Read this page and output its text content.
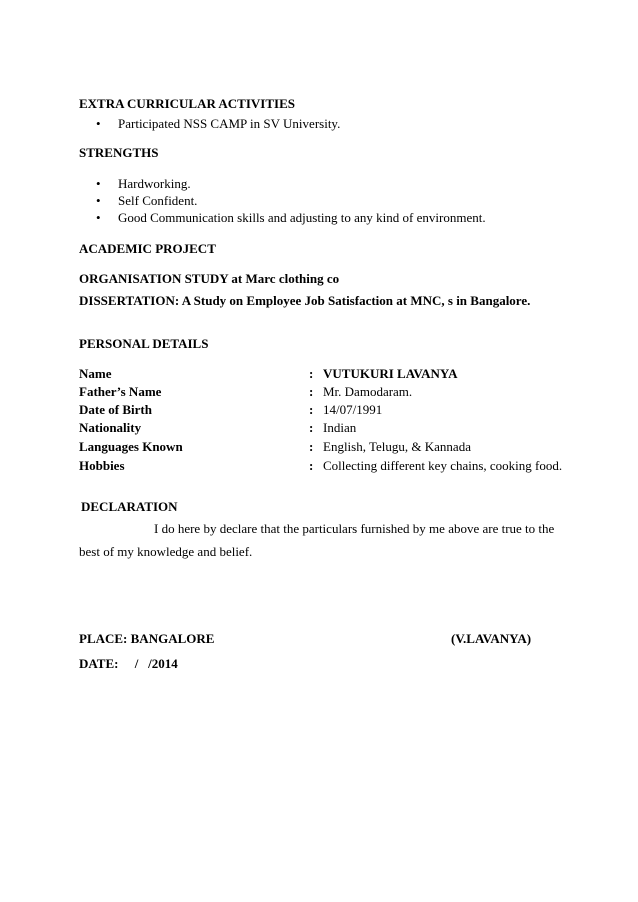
EXTRA CURRICULAR ACTIVITIES
• Participated NSS CAMP in SV University.
STRENGTHS
• Hardworking.
• Self Confident.
• Good Communication skills and adjusting to any kind of environment.
ACADEMIC PROJECT
ORGANISATION STUDY at Marc clothing co
DISSERTATION: A Study on Employee Job Satisfaction at MNC, s in Bangalore.
PERSONAL DETAILS
Name	: VUTUKURI LAVANYA
Father’s Name	: Mr. Damodaram.
Date of Birth	: 14/07/1991
Nationality	: Indian
Languages Known	: English, Telugu, & Kannada
Hobbies	: Collecting different key chains, cooking food.
DECLARATION
I do here by declare that the particulars furnished by me above are true to the
best of my knowledge and belief.
PLACE: BANGALORE	(V.LAVANYA)
DATE:     /   /2014
